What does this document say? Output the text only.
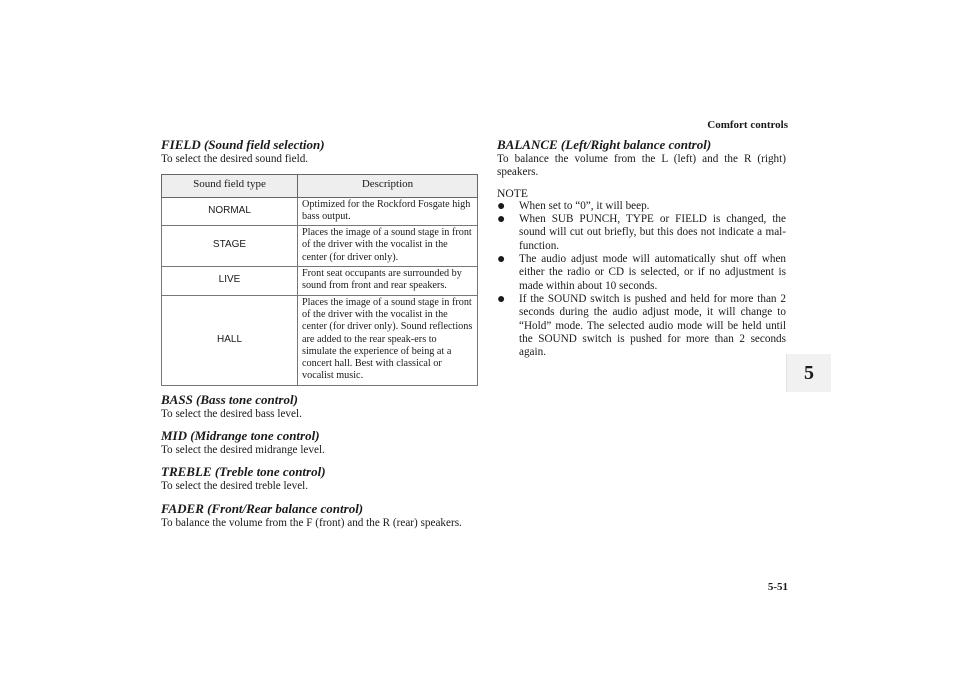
Comfort controls
5
FIELD (Sound field selection)

To select the desired sound field.

Sound field type	Description
NORMAL	Optimized for the Rockford Fosgate high bass output.
STAGE	Places the image of a sound stage in front of the driver with the vocalist in the center (for driver only).
LIVE	Front seat occupants are surrounded by sound from front and rear speakers.
HALL	Places the image of a sound stage in front of the driver with the vocalist in the center (for driver only). Sound reflections are added to the rear speak-ers to simulate the experience of being at a concert hall. Best with classical or vocalist music.
BASS (Bass tone control)

To select the desired bass level.

MID (Midrange tone control)

To select the desired midrange level.

TREBLE (Treble tone control)

To select the desired treble level.

FADER (Front/Rear balance control)

To balance the volume from the F (front) and the R (rear) speakers.

BALANCE (Left/Right balance control)

To balance the volume from the L (left) and the R (right) speakers.

NOTE
● When set to “0”, it will beep.
● When SUB PUNCH, TYPE or FIELD is changed, the sound will cut out briefly, but this does not indicate a mal-function.
● The audio adjust mode will automatically shut off when either the radio or CD is selected, or if no adjustment is made within about 10 seconds.
● If the SOUND switch is pushed and held for more than 2 seconds during the audio adjust mode, it will change to “Hold” mode. The selected audio mode will be held until the SOUND switch is pushed for more than 2 seconds again.
5-51
